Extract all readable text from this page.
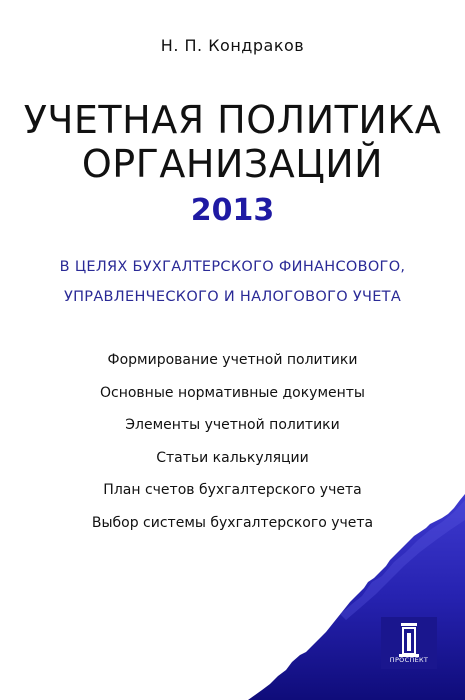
Н. П. Кондраков
УЧЕТНАЯ ПОЛИТИКА
ОРГАНИЗАЦИЙ
2013
В ЦЕЛЯХ БУХГАЛТЕРСКОГО ФИНАНСОВОГО,
УПРАВЛЕНЧЕСКОГО И НАЛОГОВОГО УЧЕТА
Формирование учетной политики
Основные нормативные документы
Элементы учетной политики
Статьи калькуляции
План счетов бухгалтерского учета
Выбор системы бухгалтерского учета
ПРОСПЕКТ
